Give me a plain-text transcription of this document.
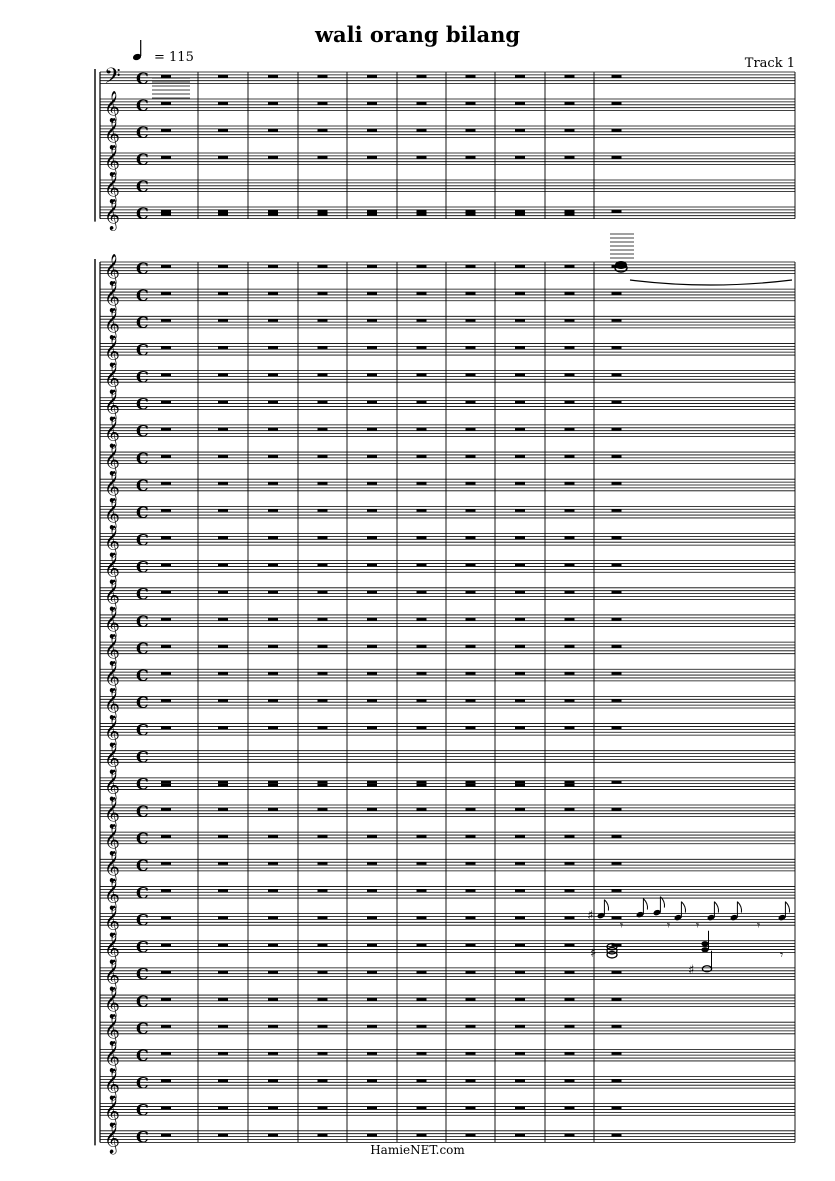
wali orang bilang
= 115	Track 1
𝄢 C
𝄞 C
𝄞 C
𝄞 C
𝄞 C
𝄞 C
𝄞 C
𝄞 C
𝄞 C
𝄞 C
𝄞 C
𝄞 C
𝄞 C
𝄞 C
𝄞 C
𝄞 C
𝄞 C
𝄞 C
𝄞 C
𝄞 C
𝄞 C
𝄞 C
𝄞 C
𝄞 C
𝄞 C
𝄞 C
𝄞 C
𝄞 C
𝄞 C
𝄞 C
𝄞 C
𝄞 C
𝄞 C
𝄞 C
𝄞 C
𝄞 C
𝄞 C
𝄞 C
𝄞 C
♯
𝄾	𝄾 𝄾	𝄾
♯
♯
𝄾
HamieNET.com
